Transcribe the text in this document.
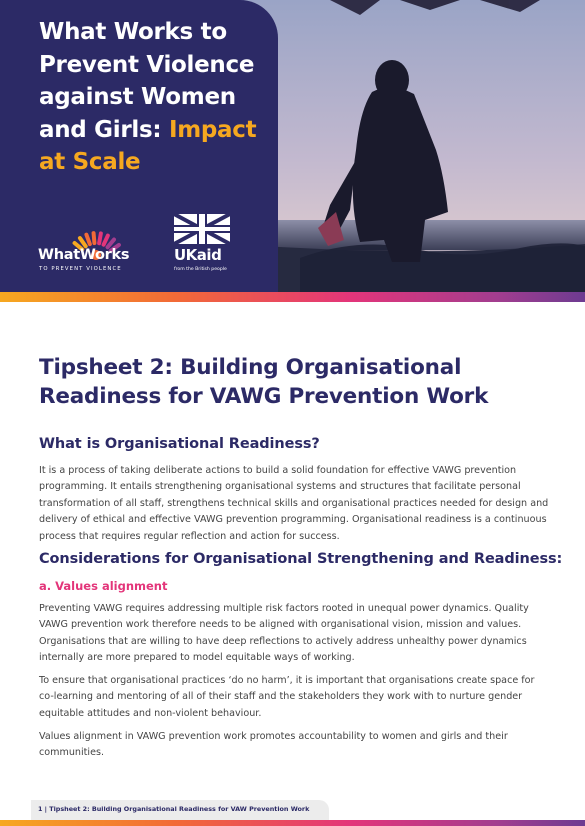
What Works to Prevent Violence against Women and Girls: Impact at Scale
WhatWorks
TO PREVENT VIOLENCE
UKaid
from the British people
Tipsheet 2: Building Organisational Readiness for VAWG Prevention Work
What is Organisational Readiness?

It is a process of taking deliberate actions to build a solid foundation for effective VAWG prevention programming. It entails strengthening organisational systems and structures that facilitate personal transformation of all staff, strengthens technical skills and organisational practices needed for design and delivery of ethical and effective VAWG prevention programming. Organisational readiness is a continuous process that requires regular reflection and action for success.

Considerations for Organisational Strengthening and Readiness:
a. Values alignment

Preventing VAWG requires addressing multiple risk factors rooted in unequal power dynamics. Quality VAWG prevention work therefore needs to be aligned with organisational vision, mission and values. Organisations that are willing to have deep reflections to actively address unhealthy power dynamics internally are more prepared to model equitable ways of working.

To ensure that organisational practices ‘do no harm’, it is important that organisations create space for co-learning and mentoring of all of their staff and the stakeholders they work with to nurture gender equitable attitudes and non-violent behaviour.

Values alignment in VAWG prevention work promotes accountability to women and girls and their communities.

1 | Tipsheet 2: Building Organisational Readiness for VAW Prevention Work
